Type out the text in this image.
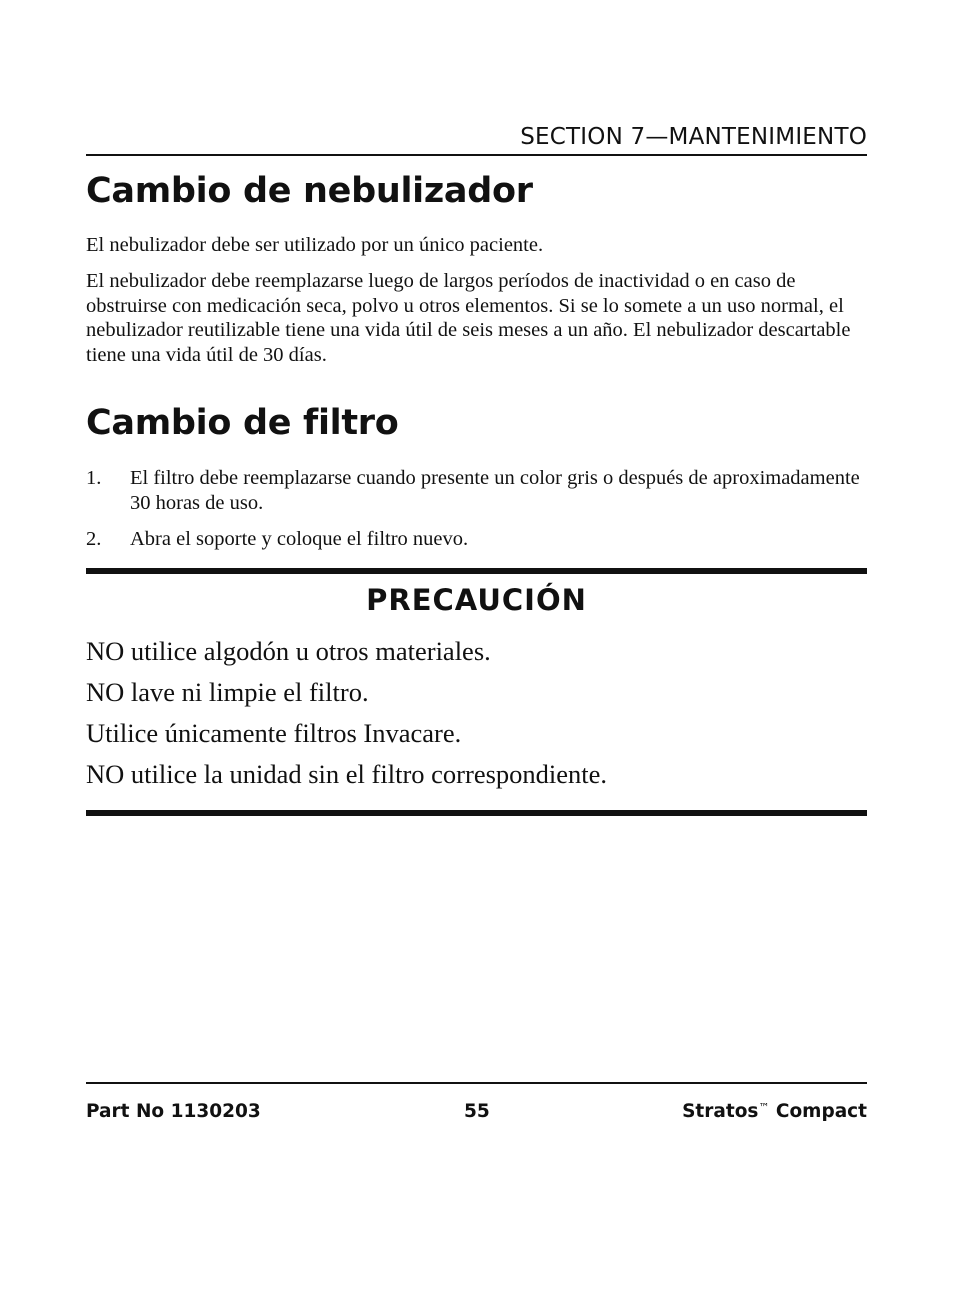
SECTION 7—MANTENIMIENTO
Cambio de nebulizador

El nebulizador debe ser utilizado por un único paciente.

El nebulizador debe reemplazarse luego de largos períodos de inactividad o en caso de obstruirse con medicación seca, polvo u otros elementos. Si se lo somete a un uso normal, el nebulizador reutilizable tiene una vida útil de seis meses a un año. El nebulizador descartable tiene una vida útil de 30 días.

Cambio de filtro
1. El filtro debe reemplazarse cuando presente un color gris o después de aproximadamente 30 horas de uso.
2. Abra el soporte y coloque el filtro nuevo.
PRECAUCIÓN
NO utilice algodón u otros materiales.
NO lave ni limpie el filtro.
Utilice únicamente filtros Invacare.
NO utilice la unidad sin el filtro correspondiente.
Part No 1130203	55	Stratos™ Compact
